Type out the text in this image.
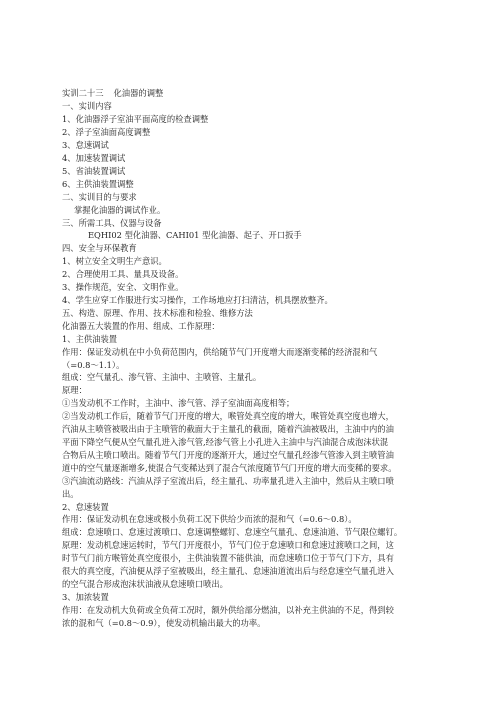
实训二十三 化油器的调整
一、实训内容
1、化油器浮子室油平面高度的检查调整
2、浮子室油面高度调整
3、怠速调试
4、加速装置调试
5、省油装置调试
6、主供油装置调整
二、实训目的与要求
掌握化油器的调试作业。
三、所需工具、仪器与设备
EQHI02 型化油器、CAHI01 型化油器、起子、开口扳手
四、安全与环保教育
1、树立安全文明生产意识。
2、合理使用工具、量具及设备。
3、操作规范，安全、文明作业。
4、学生应穿工作服进行实习操作，工作场地应打扫清洁，机具摆放整齐。
五、构造、原理、作用、技术标准和检验、维修方法
化油器五大装置的作用、组成、工作原理：
1、主供油装置
作用：保证发动机在中小负荷范围内，供给随节气门开度增大而逐渐变稀的经济混和气
（=0.8～1.1）。
组成：空气量孔、渗气管、主油中、主喷管、主量孔。
原理：
①当发动机不工作时，主油中、渗气管、浮子室油面高度相等；
②当发动机工作后，随着节气门开度的增大，喉管处真空度的增大，喉管处真空度也增大，
汽油从主喷管被吸出由于主喷管的截面大于主量孔的截面，随着汽油被吸出，主油中内的油
平面下降空气便从空气量孔进入渗气管,经渗气管上小孔进入主油中与汽油混合成泡沫状混
合物后从主喷口喷出。随着节气门开度的逐渐开大，通过空气量孔经渗气管渗入到主喷管油
道中的空气量逐渐增多,使混合气变稀达到了混合气浓度随节气门开度的增大而变稀的要求。
③汽油流动路线：汽油从浮子室流出后，经主量孔、功率量孔进入主油中，然后从主喷口喷
出。
2、怠速装置
作用：保证发动机在怠速或极小负荷工况下供给少而浓的混和气（=0.6～0.8）。
组成：怠速喷口、怠速过渡喷口、怠速调整螺钉、怠速空气量孔、怠速油道、节气限位螺钉。
原理：发动机怠速运转时，节气门开度很小，节气门位于怠速喷口和怠速过渡喷口之间，这
时节气门前方喉管处真空度很小，主供油装置不能供油，而怠速喷口位于节气门下方，具有
很大的真空度，汽油便从浮子室被吸出，经主量孔、怠速油道流出后与经怠速空气量孔进入
的空气混合形成泡沫状油液从怠速喷口喷出。
3、加浓装置
作用：在发动机大负荷或全负荷工况时，额外供给部分燃油，以补充主供油的不足，得到较
浓的混和气（=0.8～0.9），使发动机输出最大的功率。
